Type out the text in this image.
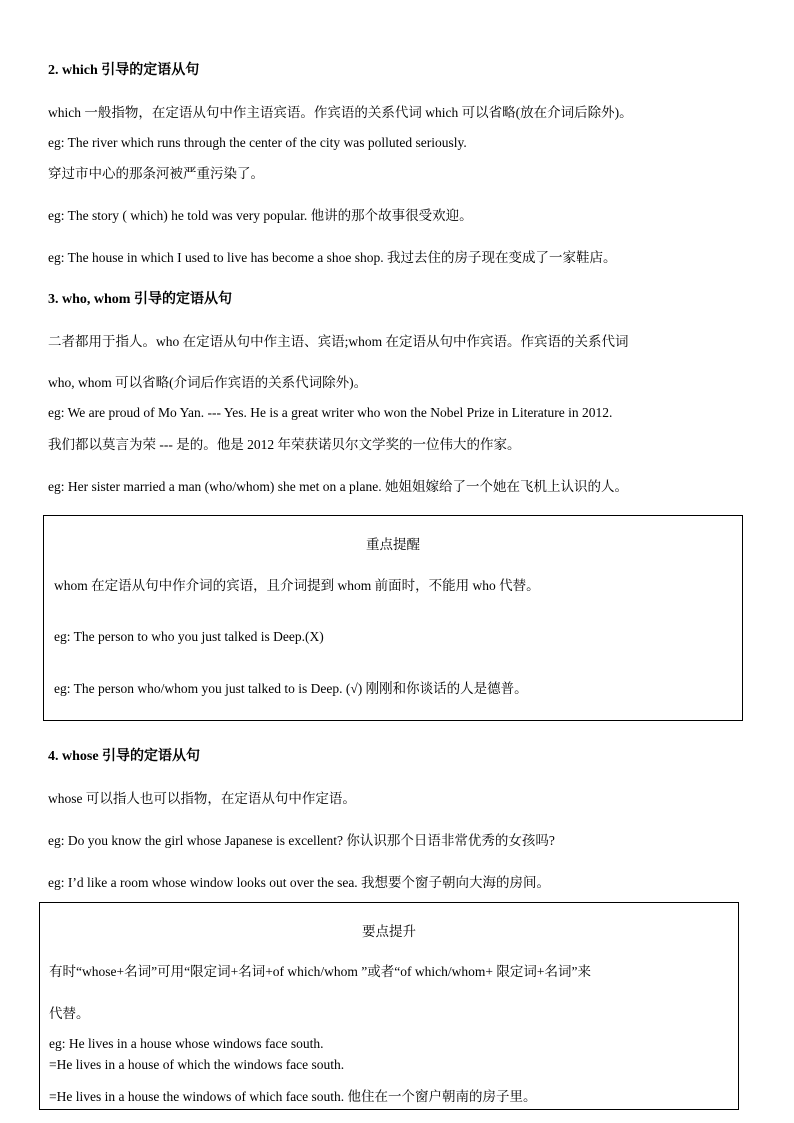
2. which 引导的定语从句
which 一般指物，在定语从句中作主语宾语。作宾语的关系代词 which 可以省略(放在介词后除外)。
eg: The river which runs through the center of the city was polluted seriously.
穿过市中心的那条河被严重污染了。
eg: The story ( which) he told was very popular. 他讲的那个故事很受欢迎。
eg: The house in which I used to live has become a shoe shop. 我过去住的房子现在变成了一家鞋店。
3. who, whom 引导的定语从句
二者都用于指人。who 在定语从句中作主语、宾语;whom 在定语从句中作宾语。作宾语的关系代词
who, whom 可以省略(介词后作宾语的关系代词除外)。
eg: We are proud of Mo Yan. --- Yes. He is a great writer who won the Nobel Prize in Literature in 2012.
我们都以莫言为荣 --- 是的。他是 2012 年荣获诺贝尔文学奖的一位伟大的作家。
eg: Her sister married a man (who/whom) she met on a plane. 她姐姐嫁给了一个她在飞机上认识的人。
重点提醒
whom 在定语从句中作介词的宾语，且介词提到 whom 前面时，不能用 who 代替。
eg: The person to who you just talked is Deep.(X)
eg: The person who/whom you just talked to is Deep. (√) 刚刚和你谈话的人是德普。
4. whose 引导的定语从句
whose 可以指人也可以指物，在定语从句中作定语。
eg: Do you know the girl whose Japanese is excellent? 你认识那个日语非常优秀的女孩吗?
eg: I’d like a room whose window looks out over the sea. 我想要个窗子朝向大海的房间。
要点提升
有时“whose+名词”可用“限定词+名词+of which/whom ”或者“of which/whom+ 限定词+名词”来
代替。
eg: He lives in a house whose windows face south.
=He lives in a house of which the windows face south.
=He lives in a house the windows of which face south. 他住在一个窗户朝南的房子里。
